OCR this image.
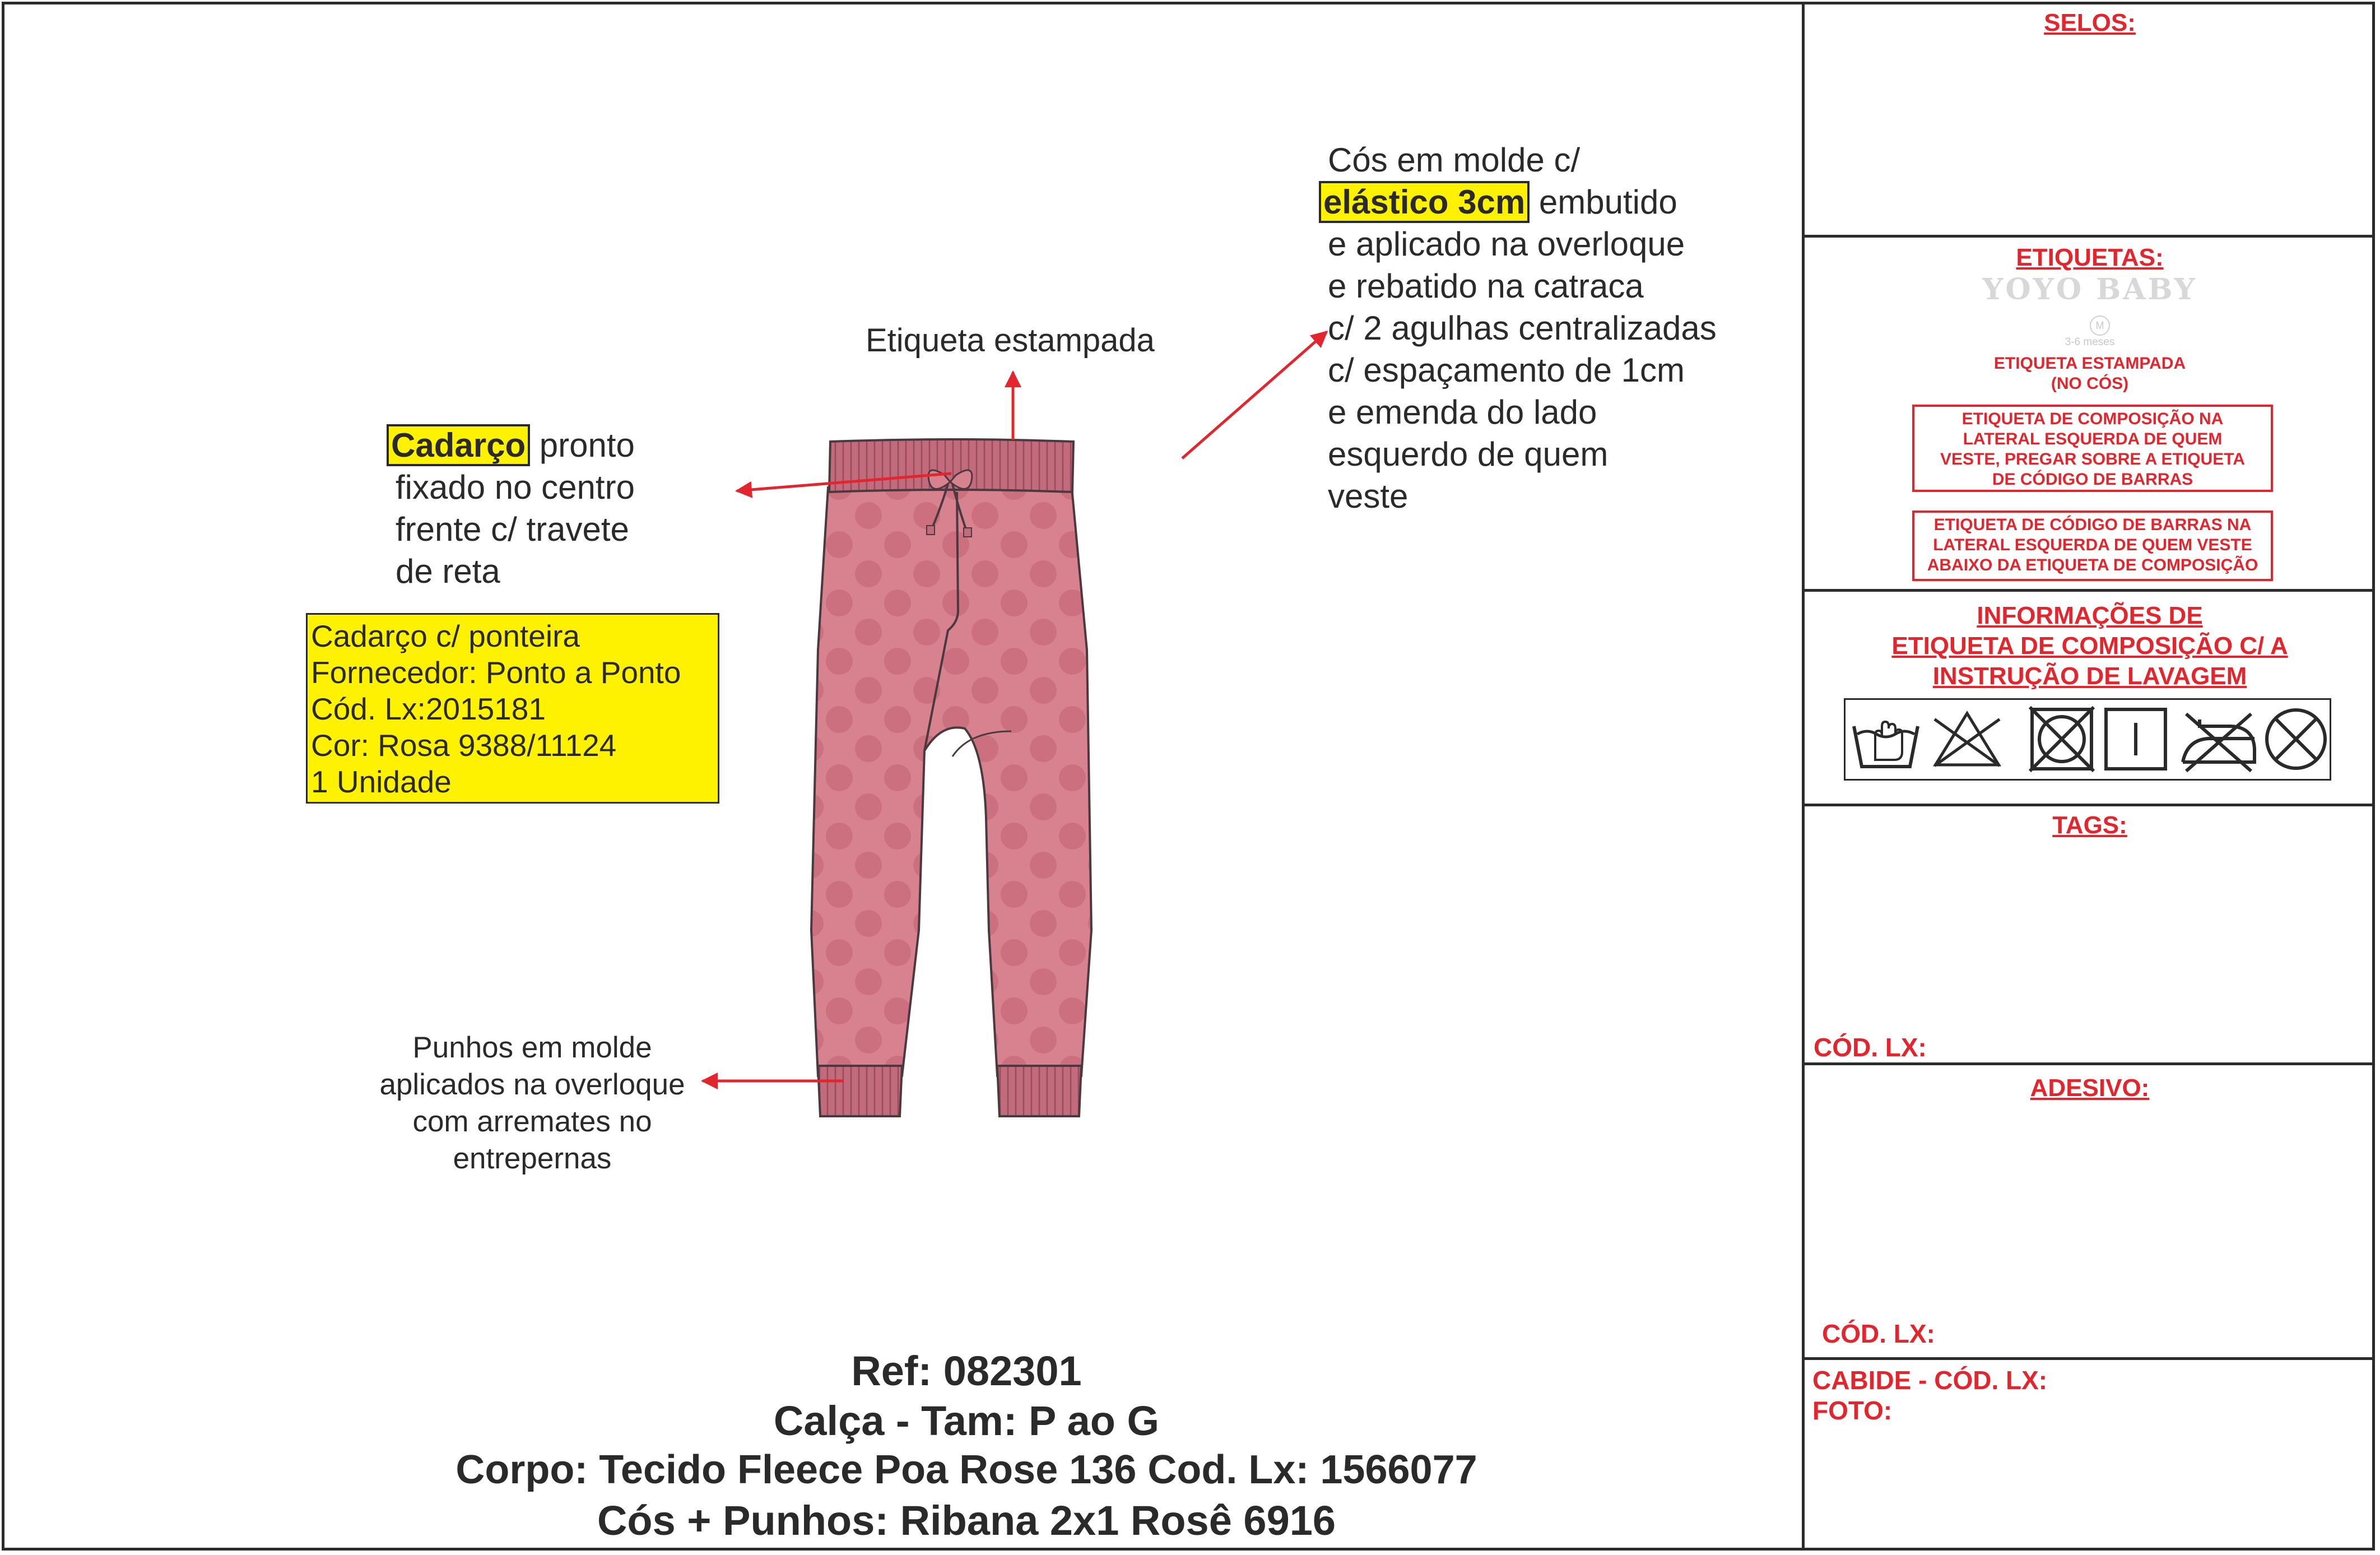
SELOS:
ETIQUETAS:
YOYO BABY
M
3-6 meses
ETIQUETA ESTAMPADA
(NO CÓS)
ETIQUETA DE COMPOSIÇÃO NA
LATERAL ESQUERDA DE QUEM
VESTE, PREGAR SOBRE A ETIQUETA
DE CÓDIGO DE BARRAS
ETIQUETA DE CÓDIGO DE BARRAS NA
LATERAL ESQUERDA DE QUEM VESTE
ABAIXO DA ETIQUETA DE COMPOSIÇÃO
INFORMAÇÕES DE
ETIQUETA DE COMPOSIÇÃO C/ A
INSTRUÇÃO DE LAVAGEM
TAGS:
CÓD. LX:
ADESIVO:
CÓD. LX:
CABIDE - CÓD. LX:
FOTO:
Cadarço pronto
fixado no centro
frente c/ travete
de reta
Cadarço c/ ponteira
Fornecedor: Ponto a Ponto
Cód. Lx:2015181
Cor: Rosa 9388/11124
1 Unidade
Etiqueta estampada
Cós em molde c/
elástico 3cm embutido
e aplicado na overloque
e rebatido na catraca
c/ 2 agulhas centralizadas
c/ espaçamento de 1cm
e emenda do lado
esquerdo de quem
veste
Punhos em molde
aplicados na overloque
com arremates no
entrepernas
Ref: 082301
Calça - Tam: P ao G
Corpo: Tecido Fleece Poa Rose 136 Cod. Lx: 1566077
Cós + Punhos: Ribana 2x1 Rosê 6916
